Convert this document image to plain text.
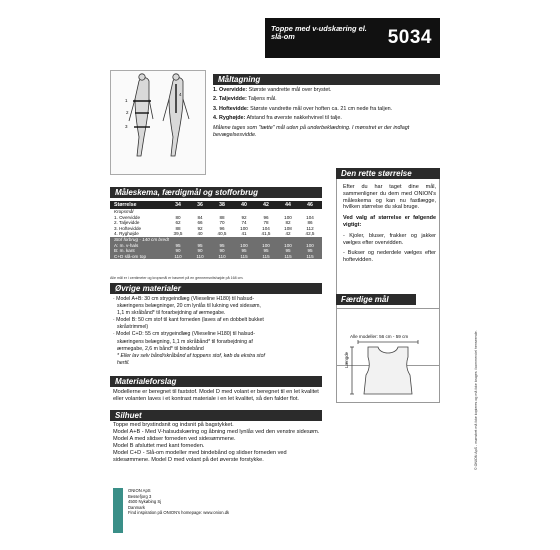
Toppe med v-udskæring el. slå-om	5034
1
2
3
4
Måltagning
1. Overvidde: Største vandrette mål over brystet.
2. Taljevidde: Taljens mål.
3. Hoftevidde: Største vandrette mål over hoften ca. 21 cm nede fra taljen.
4. Ryghøjde: Afstand fra øverste nakkehvirvel til talje.
Målene tages som "tætte" mål uden på underbeklædning. I mønstret er der indlagt bevægelsesvidde.
Måleskema, færdigmål og stofforbrug
Størrelse	34	36	38	40	42	44	46
Kropsmål
1. Overvidde	80	84	88	92	96	100	104
2. Taljevidde	62	66	70	74	78	82	86
3. Hoftevidde	88	92	96	100	104	108	112
4. Ryghøjde	39,5	40	40,5	41	41,5	42	42,5
Stof forbrug - 140 cm bredt
A: m. v-hals	95	95	95	100	100	100	100
B: m. kant	90	90	90	95	95	95	95
C+D slå-om top	110	110	110	115	115	115	115
Alle mål er i centimeter og kropsmål er baseret på en gennemsnitshøjde på 168 cm.
Øvrige materialer
· Model A+B: 30 cm strygeindlæg (Vlieseline H180) til halsud-
skæringens belægninger, 20 cm lynlås til lukning ved sidesøm,
1,1 m skråbånd* til forarbejdning af ærmegabe.
· Model B: 50 cm stof til kant forneden (laves af en dobbelt bukket
skråstrimmel)
· Model C+D: 55 cm strygeindlæg (Vlieseline H180) til halsud-
skæringens belægning, 1,1 m skråbånd* til forarbejdning af
ærmegabe, 2,6 m bånd* til bindebånd
* Eller lav selv bånd/skråbånd af toppens stof, køb da ekstra stof
hertil.
Materialeforslag
Modellerne er beregnet til faststof. Model D med volant er beregnet til en let kvalitet eller volanten laves i et kontrast materiale i en let kvalitet, så den falder flot.
Silhuet
Toppe med brystindsnit og indsnit på bagstykket.
Model A+B - Med V-halsudskæring og åbning med lynlås ved den venstre sidesøm. Model A med slidser forneden ved sidesømmene.
Model B afsluttet med kant forneden.
Model C+D - Slå-om modeller med bindebånd og slidser forneden ved sidesømmene. Model D med volant på det øverste forstykke.
Den rette størrelse

Efter du har taget dine mål, sammenligner du dem med ONION's måleskema og kan nu fastlægge, hvilken størrelse du skal bruge.

Ved valg af størrelse er følgende vigtigt:

- Kjoler, bluser, frakker og jakker vælges efter overvidden.

- Bukser og nederdele vælges efter hoftevidden.

Færdige mål
Alle modeller: 56 cm - 59 cm
Længde
ONION ApS
Bessefjorg 3
4500 Nykøbing Sj
Danmark
Find inspiration på ONION's homepage: www.onion.dk
© ONION ApS - mønstret må ikke kopieres og må ikke bruges i kommerciel henseende.
